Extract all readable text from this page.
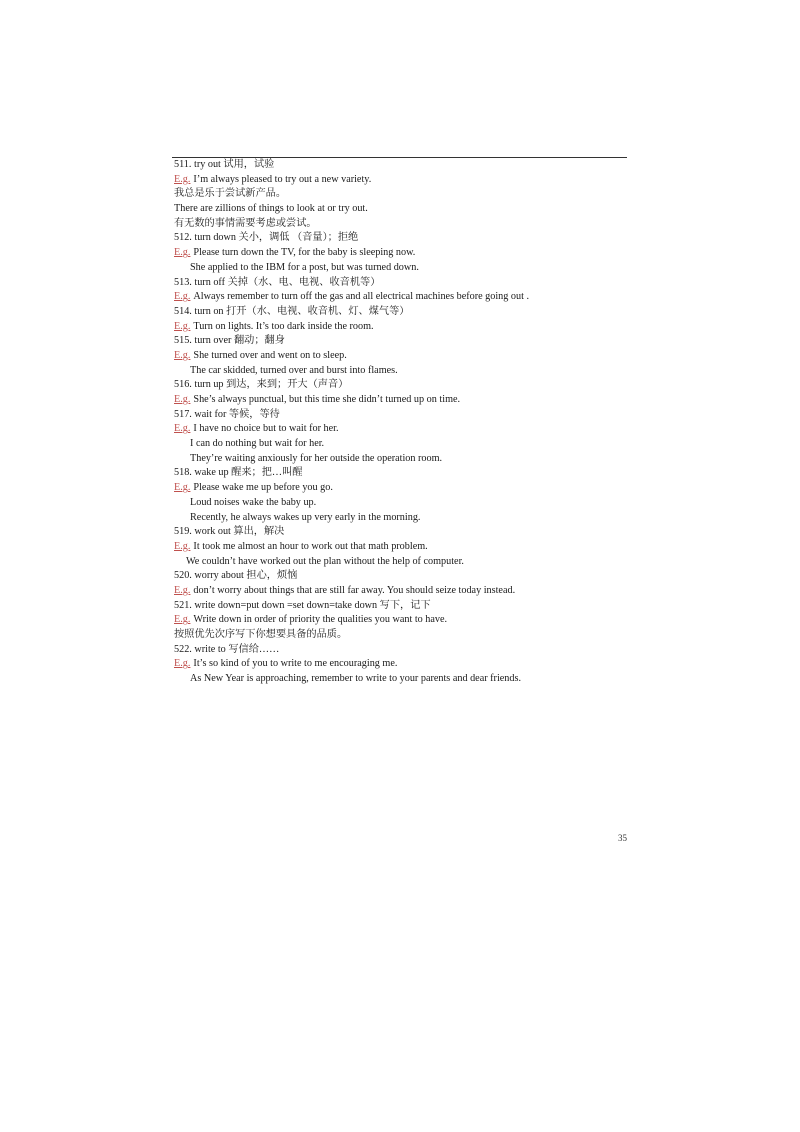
511. try out 试用，试验
E.g. I’m always pleased to try out a new variety.
我总是乐于尝试新产品。
There are zillions of things to look at or try out.
有无数的事情需要考虑或尝试。
512. turn down 关小，调低 （音量）；拒绝
E.g. Please turn down the TV, for the baby is sleeping now.
She applied to the IBM for a post, but was turned down.
513. turn off 关掉（水、电、电视、收音机等）
E.g. Always remember to turn off the gas and all electrical machines before going out .
514. turn on 打开（水、电视、收音机、灯、煤气等）
E.g. Turn on lights. It’s too dark inside the room.
515. turn over 翻动；翻身
E.g. She turned over and went on to sleep.
The car skidded, turned over and burst into flames.
516. turn up 到达，来到；开大（声音）
E.g. She’s always punctual, but this time she didn’t turned up on time.
517. wait for 等候，等待
E.g. I have no choice but to wait for her.
I can do nothing but wait for her.
They’re waiting anxiously for her outside the operation room.
518. wake up 醒来；把…叫醒
E.g. Please wake me up before you go.
Loud noises wake the baby up.
Recently, he always wakes up very early in the morning.
519. work out 算出，解决
E.g. It took me almost an hour to work out that math problem.
We couldn’t have worked out the plan without the help of computer.
520. worry about 担心，烦恼
E.g. don’t worry about things that are still far away. You should seize today instead.
521. write down=put down =set down=take down 写下，记下
E.g. Write down in order of priority the qualities you want to have.
按照优先次序写下你想要具备的品质。
522. write to 写信给……
E.g. It’s so kind of you to write to me encouraging me.
As New Year is approaching, remember to write to your parents and dear friends.
35
